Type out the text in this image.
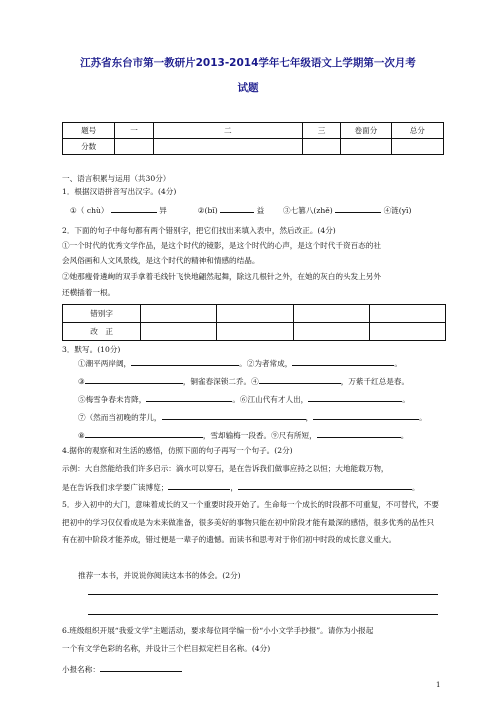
江苏省东台市第一教研片2013-2014学年七年级语文上学期第一次月考
试题
题号	一	二	三	卷面分	总分
分数					
一、语言积累与运用（共30分）
1．根据汉语拼音写出汉字。(4分)
①（ chù）	异	②(bǐ)	益 ③七篡八(zhě)	④涟(yī)
2．下面的句子中每句都有两个错别字，把它们找出来填入表中，然后改正。(4分)
①一个时代的优秀文学作品，是这个时代的镜影，是这个时代的心声，是这个时代千资百态的社
会风俗画和人文风景线，是这个时代的精神和情感的结晶。
②她那瘦骨遴峋的双手拿着毛线针飞快地翩然起舞，除这几根针之外，在她的灰白的头发上另外
还横插着一根。
错别字				
改　正				
3．默写。(10分)
①潮平两岸阔，	。②为者常成，	。
③	，铜雀春深锁二乔。④	，万紫千红总是春。
⑤梅雪争春未肯降，	。⑥江山代有才人出，	。
⑦（然而当初晚的芽儿，	，	。
⑧	，雪却输梅一段香。⑨尺有所短，	。
4.据你的观察和对生活的感悟，仿照下面的句子再写一个句子。(2分)
示例：大自然能给我们许多启示：滴水可以穿石，是在告诉我们做事应持之以恒；大地能载万物，
是在告诉我们求学要广读博览；	，	。

5．步入初中的大门，意味着成长的又一个重要时段开始了。生命每一个成长的时段都不可重复，不可替代，不要把初中的学习仅仅看成是为未来做准备，很多美好的事物只能在初中阶段才能有最深的感悟，很多优秀的品性只有在初中阶段才能养成，错过便是一辈子的遗憾。而读书和思考对于你们初中时段的成长意义重大。

推荐一本书，并说说你阅读这本书的体会。(2分)
6.班级组织开展“我爱文学”主题活动，要求每位同学编一份“小小文学手抄报”。请你为小报起
一个有文学色彩的名称，并设计三个栏目拟定栏目名称。(4分)
小报名称：
1
